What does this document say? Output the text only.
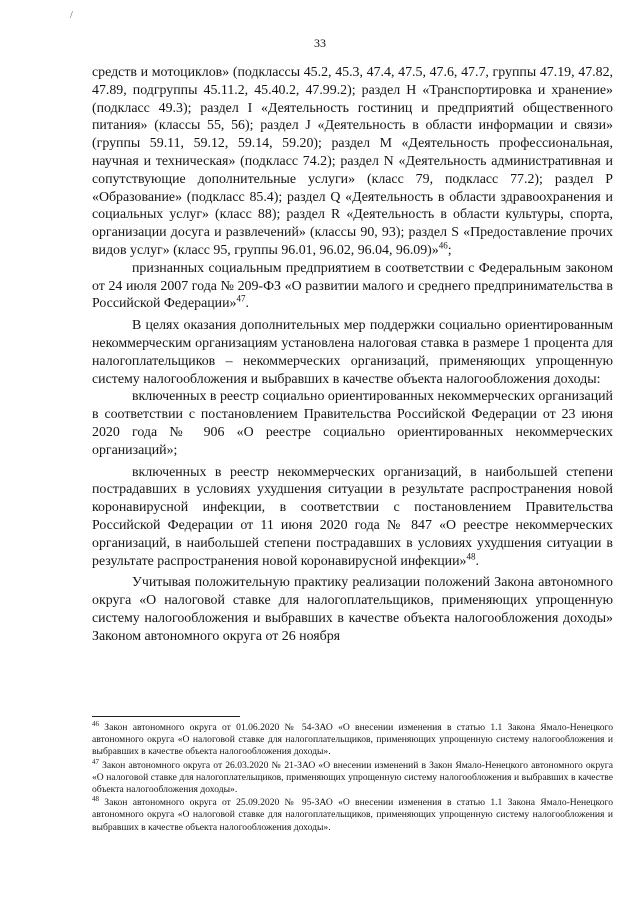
/
33

средств и мотоциклов» (подклассы 45.2, 45.3, 47.4, 47.5, 47.6, 47.7, группы 47.19, 47.82, 47.89, подгруппы 45.11.2, 45.40.2, 47.99.2); раздел H «Транспортировка и хранение» (подкласс 49.3); раздел I «Деятельность гостиниц и предприятий общественного питания» (классы 55, 56); раздел J «Деятельность в области информации и связи» (группы 59.11, 59.12, 59.14, 59.20); раздел M «Деятельность профессиональная, научная и техническая» (подкласс 74.2); раздел N «Деятельность административная и сопутствующие дополнительные услуги» (класс 79, подкласс 77.2); раздел P «Образование» (подкласс 85.4); раздел Q «Деятельность в области здравоохранения и социальных услуг» (класс 88); раздел R «Деятельность в области культуры, спорта, организации досуга и развлечений» (классы 90, 93); раздел S «Предоставление прочих видов услуг» (класс 95, группы 96.01, 96.02, 96.04, 96.09)»$^{46}$;

признанных социальным предприятием в соответствии с Федеральным законом от 24 июля 2007 года № 209-ФЗ «О развитии малого и среднего предпринимательства в Российской Федерации»$^{47}$.

В целях оказания дополнительных мер поддержки социально ориентированным некоммерческим организациям установлена налоговая ставка в размере 1 процента для налогоплательщиков – некоммерческих организаций, применяющих упрощенную систему налогообложения и выбравших в качестве объекта налогообложения доходы:

включенных в реестр социально ориентированных некоммерческих организаций в соответствии с постановлением Правительства Российской Федерации от 23 июня 2020 года № 906 «О реестре социально ориентированных некоммерческих организаций»;

включенных в реестр некоммерческих организаций, в наибольшей степени пострадавших в условиях ухудшения ситуации в результате распространения новой коронавирусной инфекции, в соответствии с постановлением Правительства Российской Федерации от 11 июня 2020 года № 847 «О реестре некоммерческих организаций, в наибольшей степени пострадавших в условиях ухудшения ситуации в результате распространения новой коронавирусной инфекции»$^{48}$.

Учитывая положительную практику реализации положений Закона автономного округа «О налоговой ставке для налогоплательщиков, применяющих упрощенную систему налогообложения и выбравших в качестве объекта налогообложения доходы» Законом автономного округа от 26 ноября

$^{46}$ Закон автономного округа от 01.06.2020 № 54-ЗАО «О внесении изменения в статью 1.1 Закона Ямало-Ненецкого автономного округа «О налоговой ставке для налогоплательщиков, применяющих упрощенную систему налогообложения и выбравших в качестве объекта налогообложения доходы».

$^{47}$ Закон автономного округа от 26.03.2020 № 21-ЗАО «О внесении изменений в Закон Ямало-Ненецкого автономного округа «О налоговой ставке для налогоплательщиков, применяющих упрощенную систему налогообложения и выбравших в качестве объекта налогообложения доходы».

$^{48}$ Закон автономного округа от 25.09.2020 № 95-ЗАО «О внесении изменения в статью 1.1 Закона Ямало-Ненецкого автономного округа «О налоговой ставке для налогоплательщиков, применяющих упрощенную систему налогообложения и выбравших в качестве объекта налогообложения доходы».
